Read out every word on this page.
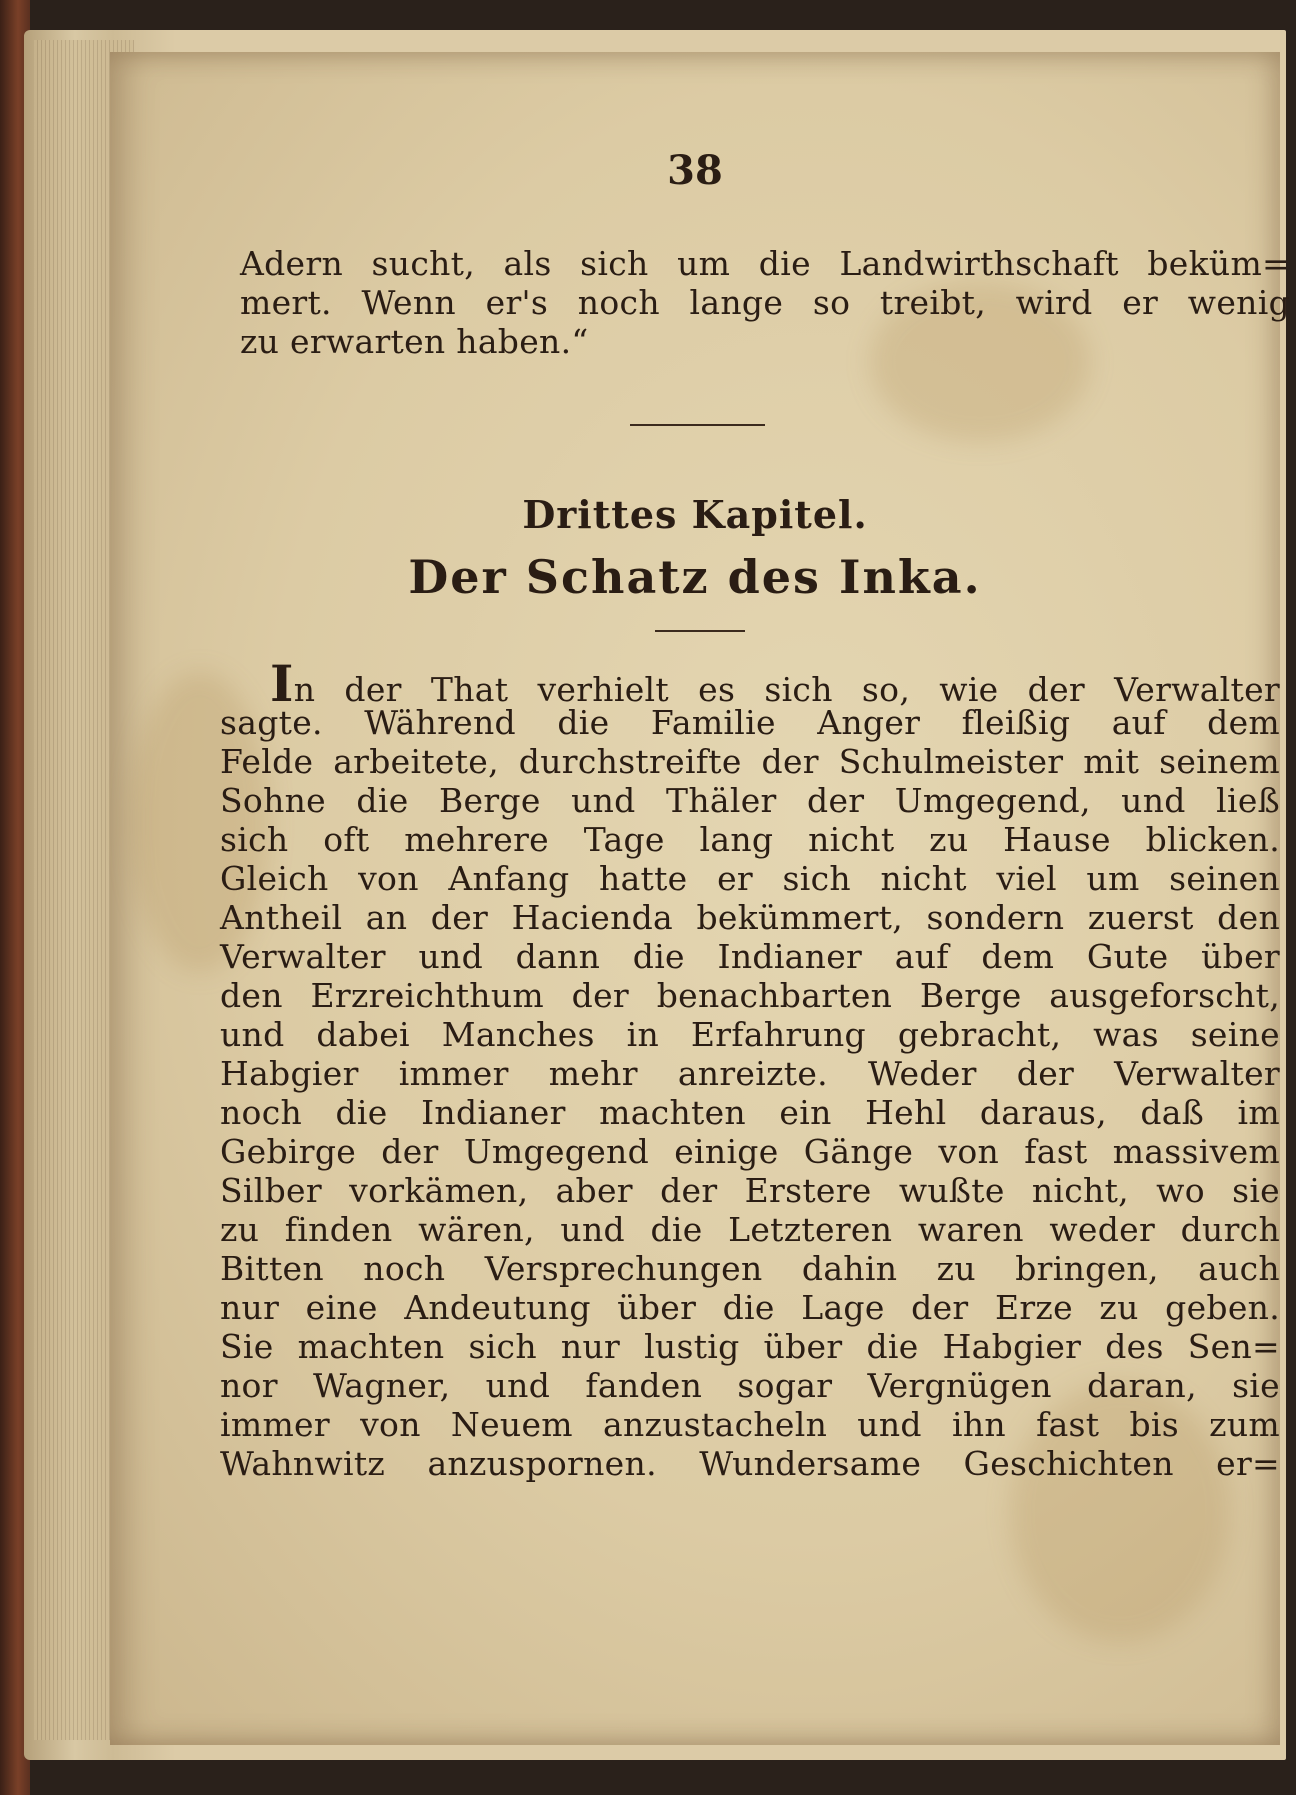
38
Adern sucht, als sich um die Landwirthschaft beküm=
mert. Wenn er's noch lange so treibt, wird er wenig
zu erwarten haben.“
Drittes Kapitel.
Der Schatz des Inka.
In der That verhielt es sich so, wie der Verwalter
sagte. Während die Familie Anger fleißig auf dem
Felde arbeitete, durchstreifte der Schulmeister mit seinem
Sohne die Berge und Thäler der Umgegend, und ließ
sich oft mehrere Tage lang nicht zu Hause blicken.
Gleich von Anfang hatte er sich nicht viel um seinen
Antheil an der Hacienda bekümmert, sondern zuerst den
Verwalter und dann die Indianer auf dem Gute über
den Erzreichthum der benachbarten Berge ausgeforscht,
und dabei Manches in Erfahrung gebracht, was seine
Habgier immer mehr anreizte. Weder der Verwalter
noch die Indianer machten ein Hehl daraus, daß im
Gebirge der Umgegend einige Gänge von fast massivem
Silber vorkämen, aber der Erstere wußte nicht, wo sie
zu finden wären, und die Letzteren waren weder durch
Bitten noch Versprechungen dahin zu bringen, auch
nur eine Andeutung über die Lage der Erze zu geben.
Sie machten sich nur lustig über die Habgier des Sen=
nor Wagner, und fanden sogar Vergnügen daran, sie
immer von Neuem anzustacheln und ihn fast bis zum
Wahnwitz anzuspornen. Wundersame Geschichten er=
